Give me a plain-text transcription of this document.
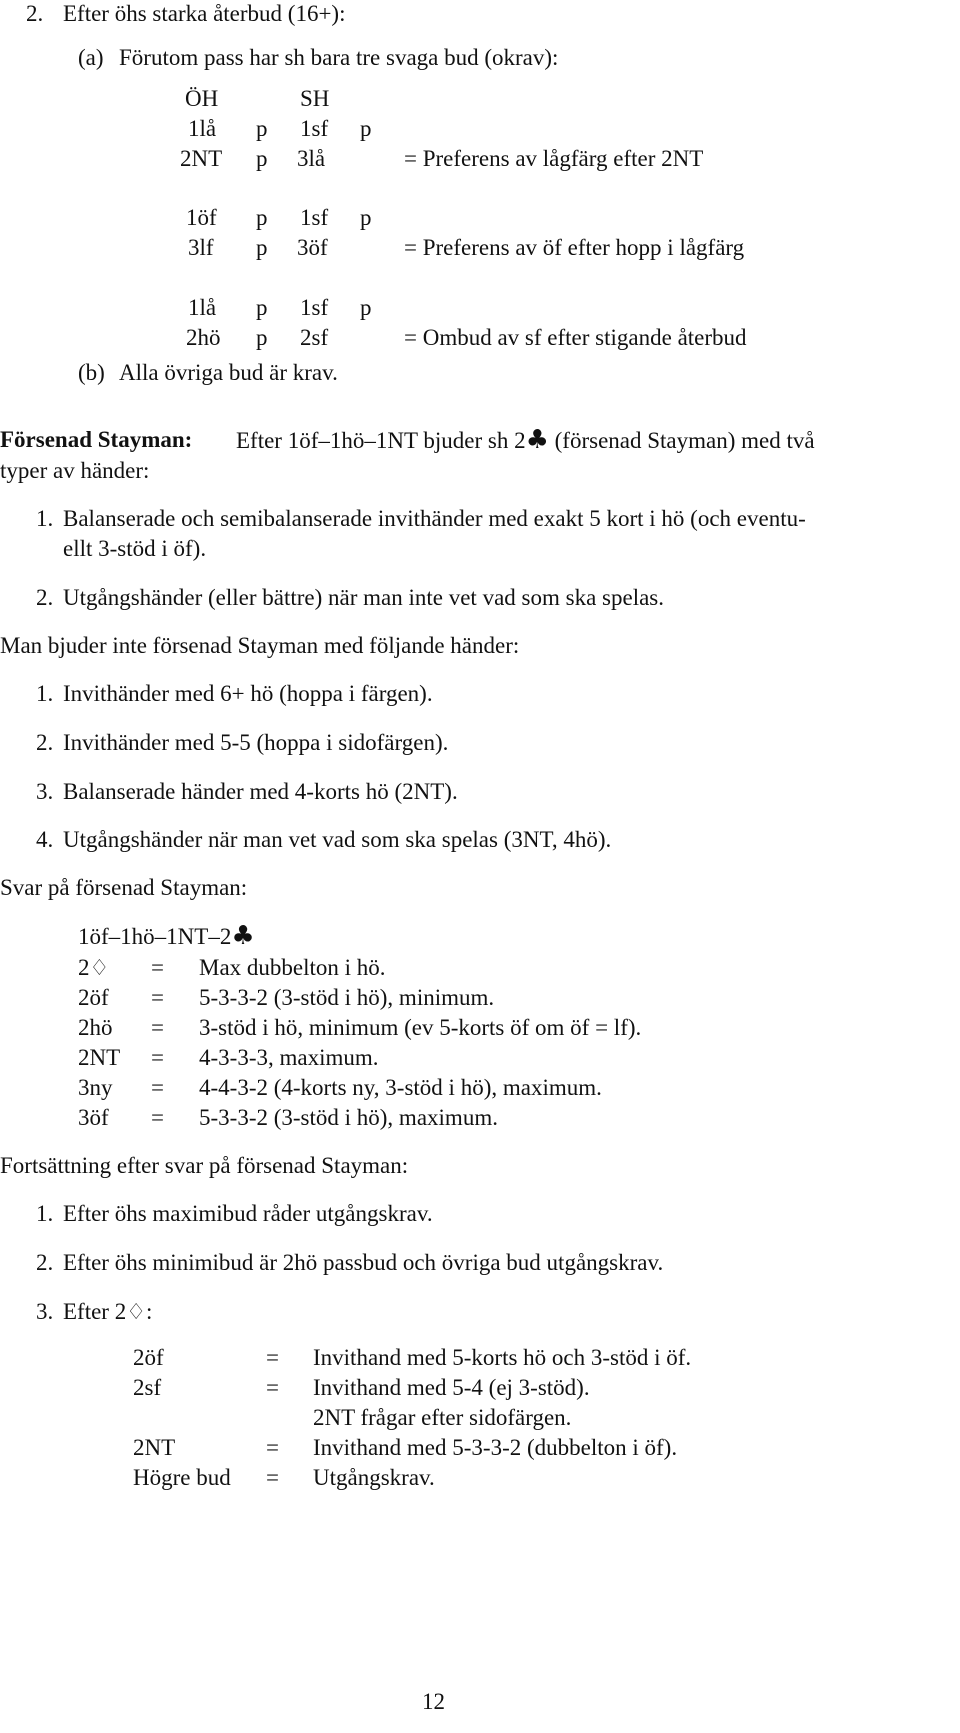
2. Efter öhs starka återbud (16+):
(a) Förutom pass har sh bara tre svaga bud (okrav):
ÖH	SH
1lå p 1sf p
2NT p 3lå	= Preferens av lågfärg efter 2NT
1öf p 1sf p
3lf p 3öf	= Preferens av öf efter hopp i lågfärg
1lå p 1sf p
2hö p 2sf	= Ombud av sf efter stigande återbud
(b) Alla övriga bud är krav.
Försenad Stayman: Efter 1öf–1hö–1NT bjuder sh 2♣ (försenad Stayman) med två
typer av händer:
1. Balanserade och semibalanserade invithänder med exakt 5 kort i hö (och eventu-
ellt 3-stöd i öf).
2. Utgångshänder (eller bättre) när man inte vet vad som ska spelas.
Man bjuder inte försenad Stayman med följande händer:
1. Invithänder med 6+ hö (hoppa i färgen).
2. Invithänder med 5-5 (hoppa i sidofärgen).
3. Balanserade händer med 4-korts hö (2NT).
4. Utgångshänder när man vet vad som ska spelas (3NT, 4hö).
Svar på försenad Stayman:
1öf–1hö–1NT–2♣
2♢ = Max dubbelton i hö.
2öf = 5-3-3-2 (3-stöd i hö), minimum.
2hö = 3-stöd i hö, minimum (ev 5-korts öf om öf = lf).
2NT = 4-3-3-3, maximum.
3ny = 4-4-3-2 (4-korts ny, 3-stöd i hö), maximum.
3öf = 5-3-3-2 (3-stöd i hö), maximum.
Fortsättning efter svar på försenad Stayman:
1. Efter öhs maximibud råder utgångskrav.
2. Efter öhs minimibud är 2hö passbud och övriga bud utgångskrav.
3. Efter 2♢:
2öf	= Invithand med 5-korts hö och 3-stöd i öf.
2sf	= Invithand med 5-4 (ej 3-stöd).
2NT frågar efter sidofärgen.
2NT	= Invithand med 5-3-3-2 (dubbelton i öf).
Högre bud = Utgångskrav.
12
